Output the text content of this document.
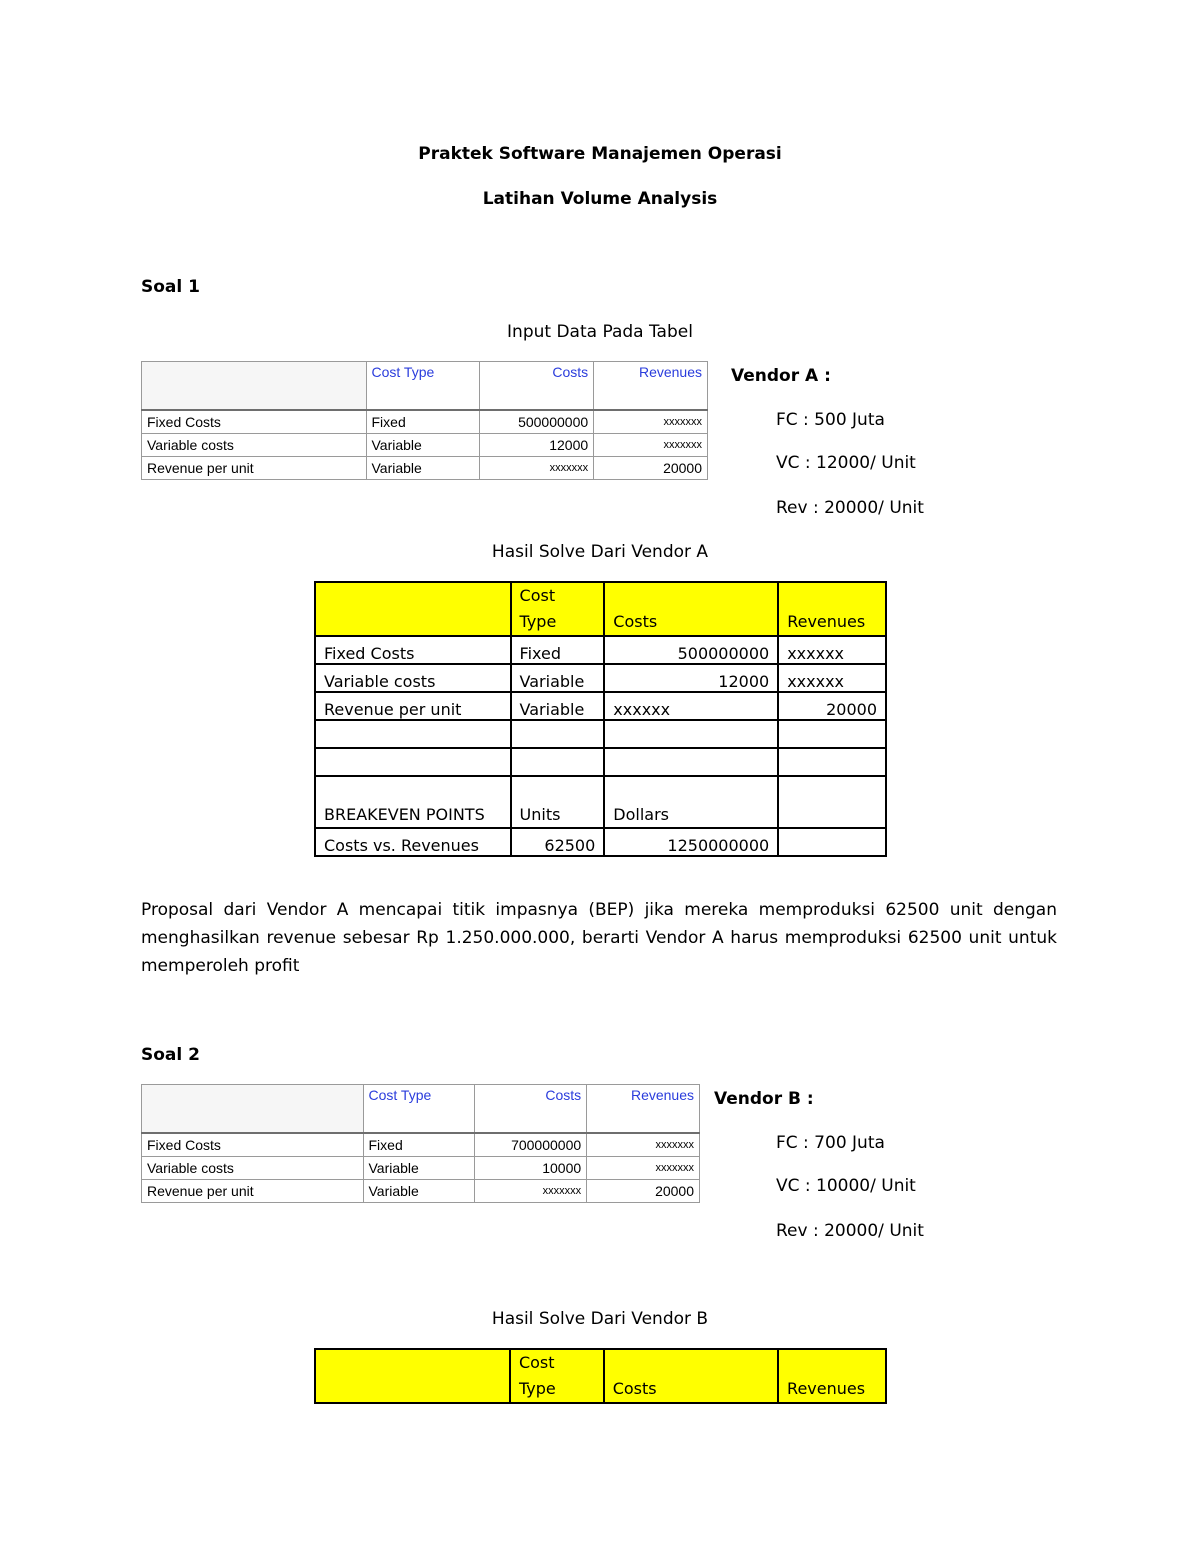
Praktek Software Manajemen Operasi
Latihan Volume Analysis
Soal 1
Input Data Pada Tabel
	Cost Type	Costs	Revenues
Fixed Costs	Fixed	500000000	xxxxxxx
Variable costs	Variable	12000	xxxxxxx
Revenue per unit	Variable	xxxxxxx	20000
Vendor A :
FC : 500 Juta
VC : 12000/ Unit
Rev : 20000/ Unit
Hasil Solve Dari Vendor A
	Cost Type	Costs	Revenues
Fixed Costs	Fixed	500000000	xxxxxx
Variable costs	Variable	12000	xxxxxx
Revenue per unit	Variable	xxxxxx	20000

BREAKEVEN POINTS	Units	Dollars	
Costs vs. Revenues	62500	1250000000	
Proposal dari Vendor A mencapai titik impasnya (BEP) jika mereka memproduksi 62500 unit dengan menghasilkan revenue sebesar Rp 1.250.000.000, berarti Vendor A harus memproduksi 62500 unit untuk memperoleh profit
Soal 2
	Cost Type	Costs	Revenues
Fixed Costs	Fixed	700000000	xxxxxxx
Variable costs	Variable	10000	xxxxxxx
Revenue per unit	Variable	xxxxxxx	20000
Vendor B :
FC : 700 Juta
VC : 10000/ Unit
Rev : 20000/ Unit
Hasil Solve Dari Vendor B
	Cost Type	Costs	Revenues
